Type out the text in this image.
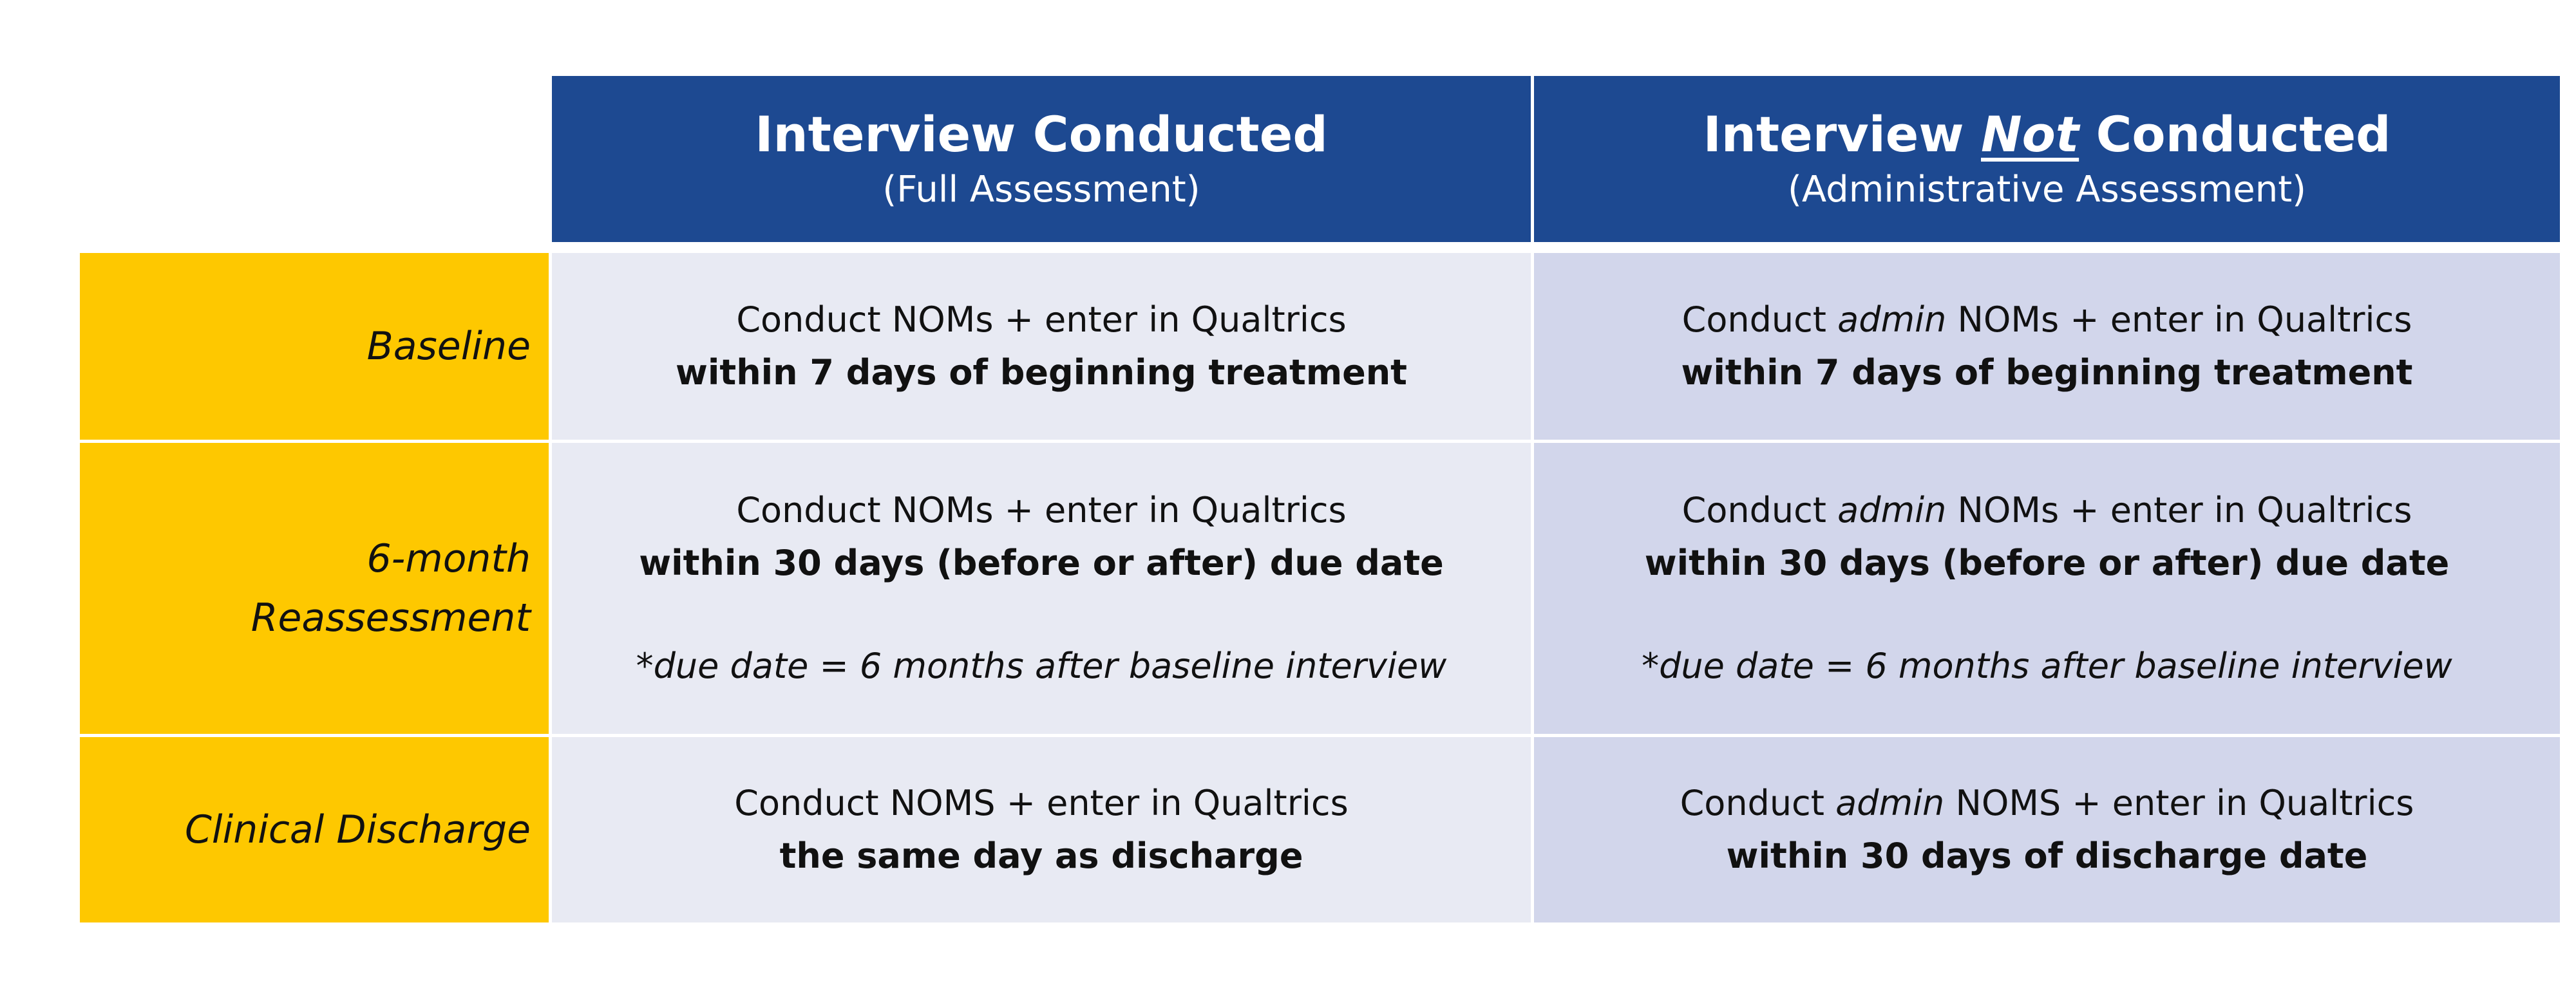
Interview Conducted
(Full Assessment)
Interview Not Conducted
(Administrative Assessment)
Baseline
Conduct NOMs + enter in Qualtrics
within 7 days of beginning treatment
Conduct admin NOMs + enter in Qualtrics
within 7 days of beginning treatment
6-month
Reassessment
Conduct NOMs + enter in Qualtrics
within 30 days (before or after) due date
*due date = 6 months after baseline interview
Conduct admin NOMs + enter in Qualtrics
within 30 days (before or after) due date
*due date = 6 months after baseline interview
Clinical Discharge
Conduct NOMS + enter in Qualtrics
the same day as discharge
Conduct admin NOMS + enter in Qualtrics
within 30 days of discharge date
